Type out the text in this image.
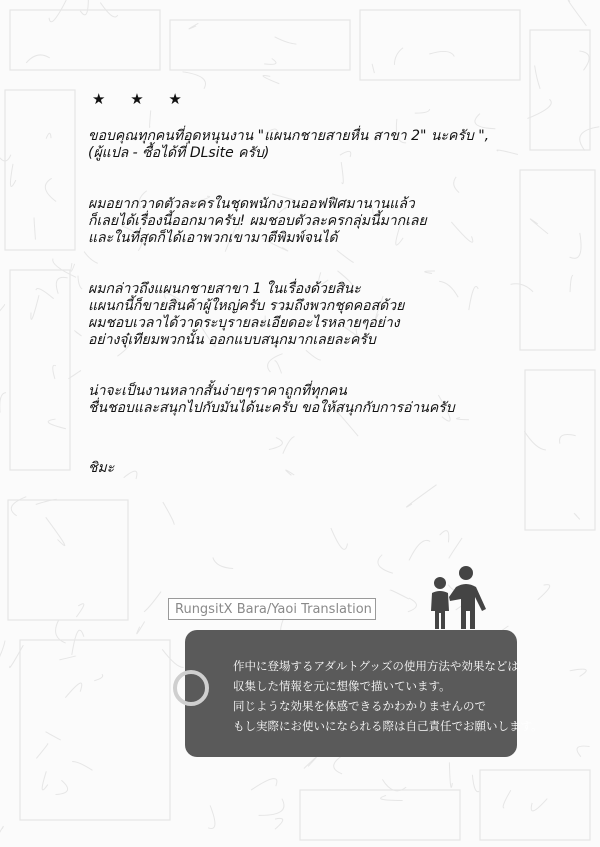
★ ★ ★
ขอบคุณทุกคนที่อุดหนุนงาน "แผนกชายสายหื่น สาขา 2" นะครับ ",
(ผู้แปล - ซื้อได้ที่ DLsite ครับ)
ผมอยากวาดตัวละครในชุดพนักงานออฟฟิศมานานแล้ว
ก็เลยได้เรื่องนี้ออกมาครับ! ผมชอบตัวละครกลุ่มนี้มากเลย
และในที่สุดก็ได้เอาพวกเขามาตีพิมพ์จนได้
ผมกล่าวถึงแผนกชายสาขา 1 ในเรื่องด้วยสินะ
แผนกนี้ก็ขายสินค้าผู้ใหญ่ครับ รวมถึงพวกชุดคอสด้วย
ผมชอบเวลาได้วาดระบุรายละเอียดอะไรหลายๆอย่าง
อย่างจุ๋เทียมพวกนั้น ออกแบบสนุกมากเลยละครับ
น่าจะเป็นงานหลากสั้นง่ายๆราคาถูกที่ทุกคน
ชื่นชอบและสนุกไปกับมันได้นะครับ ขอให้สนุกกับการอ่านครับ
ชิมะ
RungsitX Bara/Yaoi Translation
作中に登場するアダルトグッズの使用方法や効果などは
収集した情報を元に想像で描いています。
同じような効果を体感できるかわかりませんので
もし実際にお使いになられる際は自己責任でお願いします。
